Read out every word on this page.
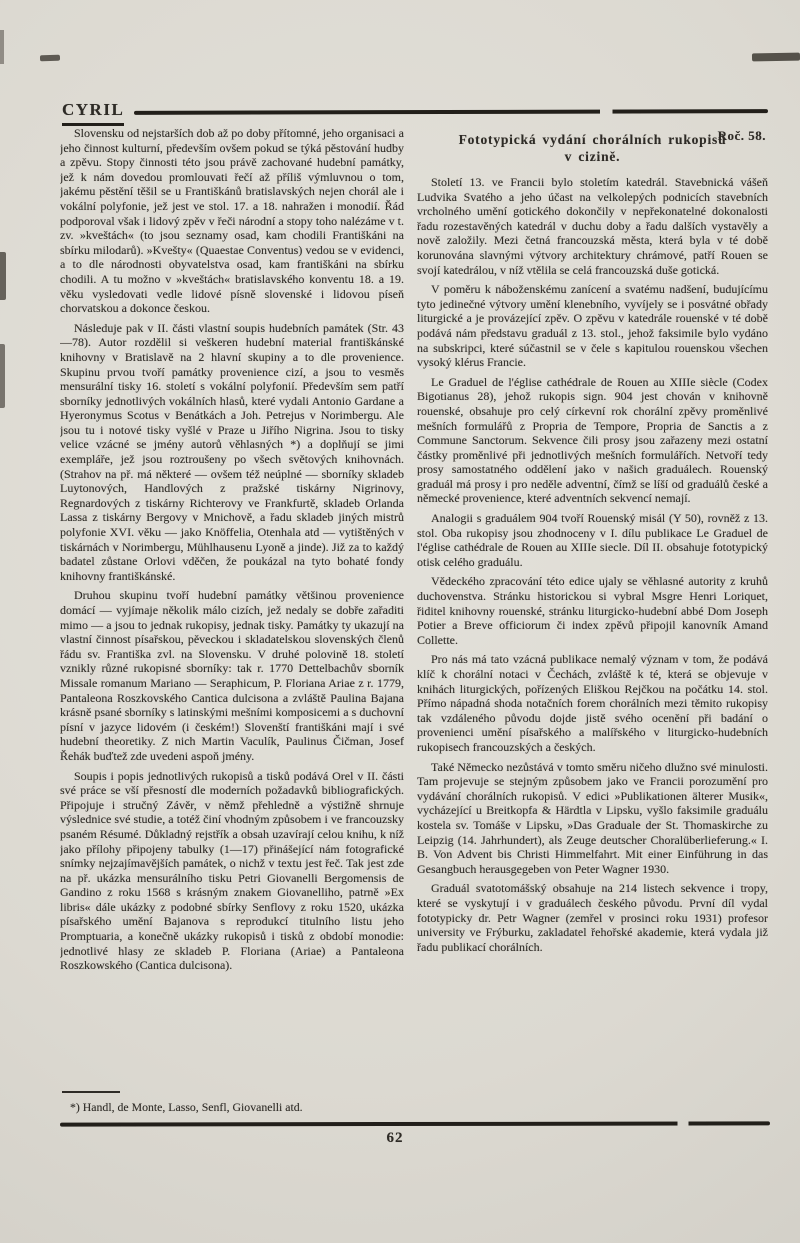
CYRIL
Roč. 58.

Slovensku od nejstarších dob až po doby přítomné, jeho organisaci a jeho činnost kulturní, především ovšem pokud se týká pěstování hudby a zpěvu. Stopy činnosti této jsou právě zachované hudební památky, jež k nám dovedou promlouvati řečí až příliš výmluvnou o tom, jakému pěstění těšil se u Františkánů bratislavských nejen chorál ale i vokální polyfonie, jež jest ve stol. 17. a 18. nahražen i monodií. Řád podporoval však i lidový zpěv v řeči národní a stopy toho nalézáme v t. zv. »kveštách« (to jsou seznamy osad, kam chodili Františkáni na sbírku milodarů). »Kvešty« (Quaestae Conventus) vedou se v evidenci, a to dle národnosti obyvatelstva osad, kam františkáni na sbírku chodili. A tu možno v »kveštách« bratislavského konventu 18. a 19. věku vysledovati vedle lidové písně slovenské i lidovou píseň chorvatskou a dokonce českou.

Následuje pak v II. části vlastní soupis hudebních památek (Str. 43—78). Autor rozdělil si veškeren hudební material františkánské knihovny v Bratislavě na 2 hlavní skupiny a to dle provenience. Skupinu prvou tvoří památky provenience cizí, a jsou to vesměs mensurální tisky 16. století s vokální polyfonií. Především sem patří sborníky jednotlivých vokálních hlasů, které vydali Antonio Gardane a Hyeronymus Scotus v Benátkách a Joh. Petrejus v Norimbergu. Ale jsou tu i notové tisky vyšlé v Praze u Jiřího Nigrina. Jsou to tisky velice vzácné se jmény autorů věhlasných *) a doplňují se jimi exempláře, jež jsou roztroušeny po všech světových knihovnách. (Strahov na př. má některé — ovšem též neúplné — sborníky skladeb Luytonových, Handlových z pražské tiskárny Nigrinovy, Regnardových z tiskárny Richterovy ve Frankfurtě, skladeb Orlanda Lassa z tiskárny Bergovy v Mnichově, a řadu skladeb jiných mistrů polyfonie XVI. věku — jako Knöffelia, Otenhala atd — vytištěných v tiskárnách v Norimbergu, Mühlhausenu Lyoně a jinde). Již za to každý badatel zůstane Orlovi vděčen, že poukázal na tyto bohaté fondy knihovny františkánské.

Druhou skupinu tvoří hudební památky většinou provenience domácí — vyjímaje několik málo cizích, jež nedaly se dobře zařaditi mimo — a jsou to jednak rukopisy, jednak tisky. Památky ty ukazují na vlastní činnost písařskou, pěveckou i skladatelskou slovenských členů řádu sv. Františka zvl. na Slovensku. V druhé polovině 18. století vznikly různé rukopisné sborníky: tak r. 1770 Dettelbachův sborník Missale romanum Mariano — Seraphicum, P. Floriana Ariae z r. 1779, Pantaleona Roszkovského Cantica dulcisona a zvláště Paulina Bajana krásně psané sborníky s latinskými mešními komposicemi a s duchovní písní v jazyce lidovém (i českém!) Slovenští františkáni mají i své hudební theoretiky. Z nich Martin Vaculík, Paulinus Čičman, Josef Řehák buďtež zde uvedeni aspoň jmény.

Soupis i popis jednotlivých rukopisů a tisků podává Orel v II. části své práce se vší přesností dle moderních požadavků bibliografických. Připojuje i stručný Závěr, v němž přehledně a výstižně shrnuje výslednice své studie, a totéž činí vhodným způsobem i ve francouzsky psaném Résumé. Důkladný rejstřík a obsah uzavírají celou knihu, k níž jako přílohy připojeny tabulky (1—17) přinášející nám fotografické snímky nejzajímavějších památek, o nichž v textu jest řeč. Tak jest zde na př. ukázka mensurálního tisku Petri Giovanelli Bergomensis de Gandino z roku 1568 s krásným znakem Giovanelliho, patrně »Ex libris« dále ukázky z podobné sbírky Senflovy z roku 1520, ukázka písařského umění Bajanova s reprodukcí titulního listu jeho Promptuaria, a konečně ukázky rukopisů i tisků z období monodie: jednotlivé hlasy ze skladeb P. Floriana (Ariae) a Pantaleona Roszkowského (Cantica dulcisona).

*) Handl, de Monte, Lasso, Senfl, Giovanelli atd.

Fototypická vydání chorálních rukopisů
v cizině.

Století 13. ve Francii bylo stoletím katedrál. Stavebnická vášeň Ludvika Svatého a jeho účast na velkolepých podnicích stavebních vrcholného umění gotického dokončily v nepřekonatelné dokonalosti řadu rozestavěných katedrál v duchu doby a řadu dalších vystavěly a nově založily. Mezi četná francouzská města, která byla v té době korunována slavnými výtvory architektury chrámové, patří Rouen se svojí katedrálou, v níž vtělila se celá francouzská duše gotická.

V poměru k náboženskému zanícení a svatému nadšení, budujícímu tyto jedinečné výtvory umění klenebního, vyvíjely se i posvátné obřady liturgické a je provázející zpěv. O zpěvu v katedrále rouenské v té době podává nám představu graduál z 13. stol., jehož faksimile bylo vydáno na subskripci, které súčastnil se v čele s kapitulou rouenskou všechen vysoký klérus Francie.

Le Graduel de l'église cathédrale de Rouen au XIIIe siècle (Codex Bigotianus 28), jehož rukopis sign. 904 jest chován v knihovně rouenské, obsahuje pro celý církevní rok chorální zpěvy proměnlivé mešních formulářů z Propria de Tempore, Propria de Sanctis a z Commune Sanctorum. Sekvence čili prosy jsou zařazeny mezi ostatní částky proměnlivé při jednotlivých mešních formulářích. Netvoří tedy prosy samostatného oddělení jako v našich graduálech. Rouenský graduál má prosy i pro neděle adventní, čímž se líší od graduálů české a německé provenience, které adventních sekvencí nemají.

Analogii s graduálem 904 tvoří Rouenský misál (Y 50), rovněž z 13. stol. Oba rukopisy jsou zhodnoceny v I. dílu publikace Le Graduel de l'église cathédrale de Rouen au XIIIe siecle. Díl II. obsahuje fototypický otisk celého graduálu.

Vědeckého zpracování této edice ujaly se věhlasné autority z kruhů duchovenstva. Stránku historickou si vybral Msgre Henri Loriquet, řiditel knihovny rouenské, stránku liturgicko-hudební abbé Dom Joseph Potier a Breve officiorum či index zpěvů připojil kanovník Amand Collette.

Pro nás má tato vzácná publikace nemalý význam v tom, že podává klíč k chorální notaci v Čechách, zvláště k té, která se objevuje v knihách liturgických, pořízených Eliškou Rejčkou na počátku 14. stol. Přímo nápadná shoda notačních forem chorálních mezi těmito rukopisy tak vzdáleného původu dojde jistě svého ocenění při badání o provenienci umění písařského a malířského v liturgicko-hudebních rukopisech francouzských a českých.

Také Německo nezůstává v tomto směru ničeho dlužno své minulosti. Tam projevuje se stejným způsobem jako ve Francii porozumění pro vydávání chorálních rukopisů. V edici »Publikationen älterer Musik«, vycházející u Breitkopfa & Härdtla v Lipsku, vyšlo faksimile graduálu kostela sv. Tomáše v Lipsku, »Das Graduale der St. Thomaskirche zu Leipzig (14. Jahrhundert), als Zeuge deutscher Choralüberlieferung.« I. B. Von Advent bis Christi Himmelfahrt. Mit einer Einführung in das Gesangbuch herausgegeben von Peter Wagner 1930.

Graduál svatotomášský obsahuje na 214 listech sekvence i tropy, které se vyskytují i v graduálech českého původu. První díl vydal fototypicky dr. Petr Wagner (zemřel v prosinci roku 1931) profesor university ve Frýburku, zakladatel řehořské akademie, která vydala již řadu publikací chorálních.

62
